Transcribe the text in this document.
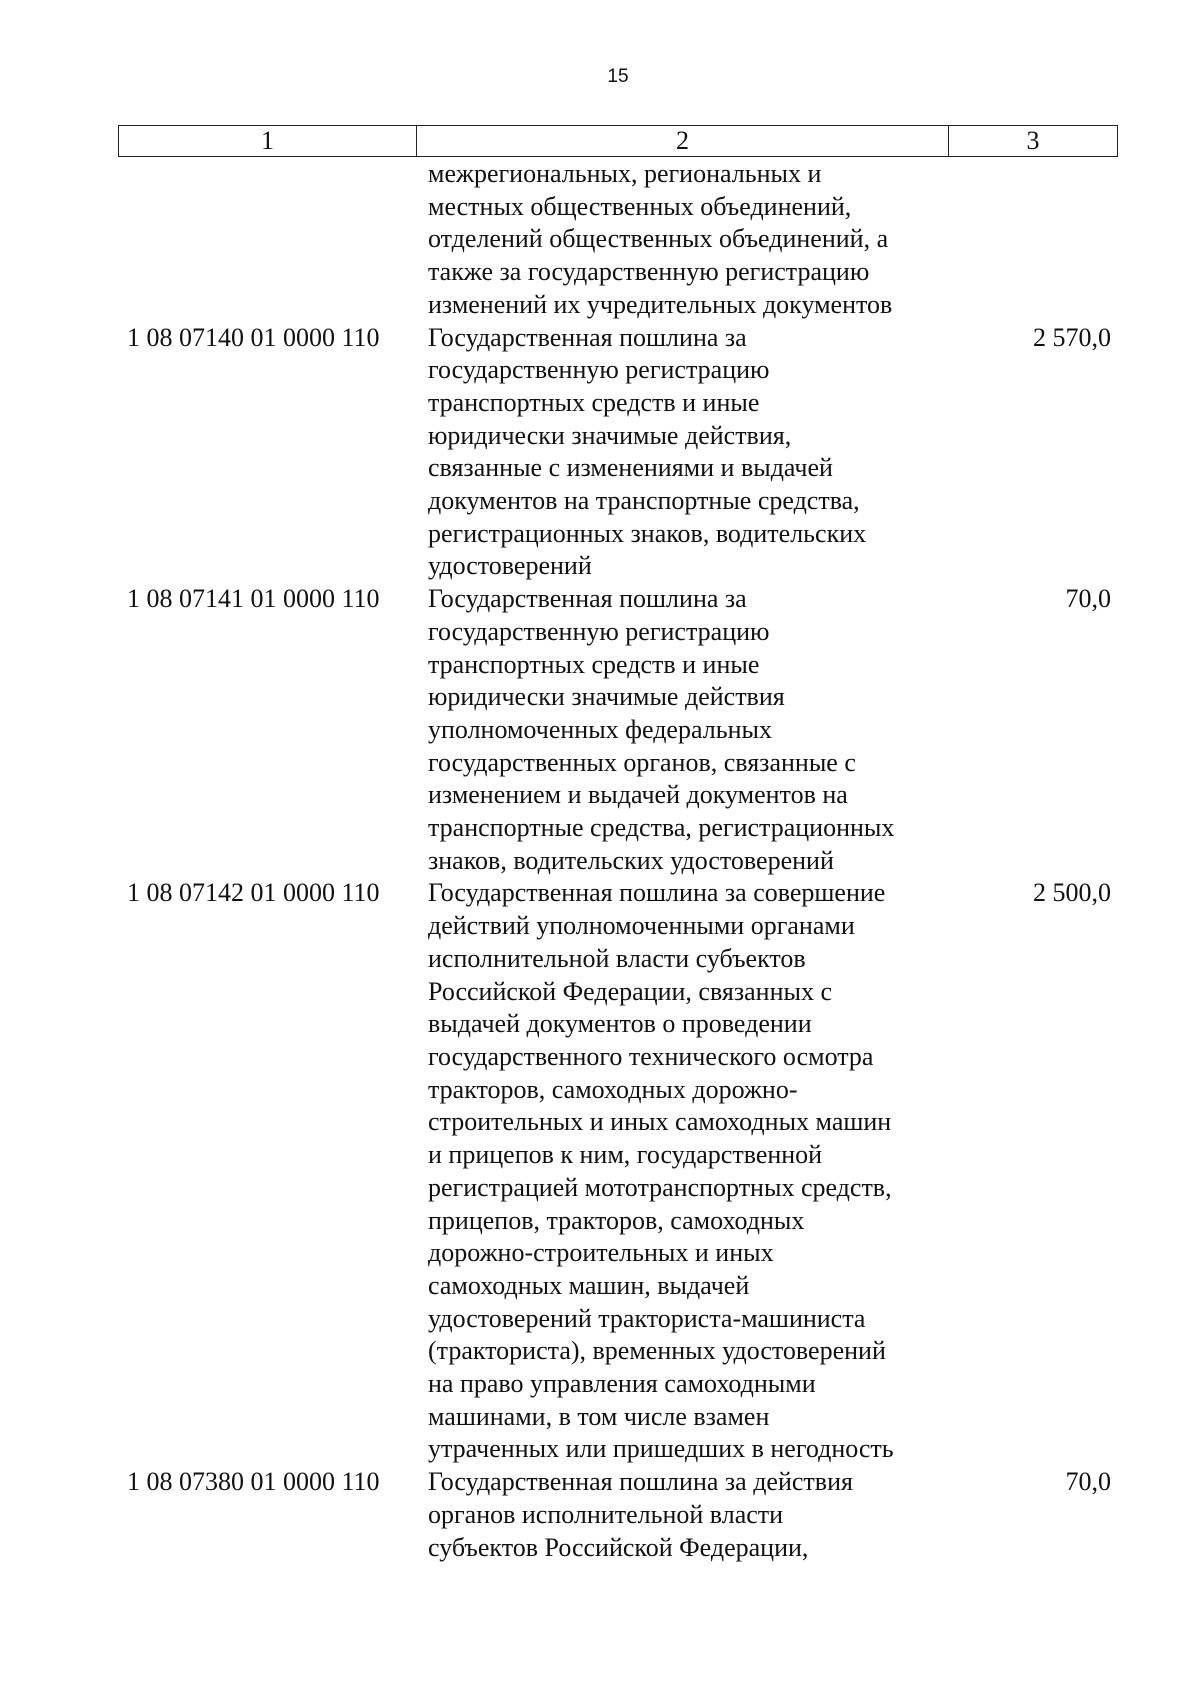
15
1	2	3
межрегиональных, региональных и
местных общественных объединений,
отделений общественных объединений, а
также за государственную регистрацию
изменений их учредительных документов
1 08 07140 01 0000 110 Государственная пошлина за
государственную регистрацию
транспортных средств и иные
юридически значимые действия,
связанные с изменениями и выдачей
документов на транспортные средства,
регистрационных знаков, водительских
удостоверений
2 570,0
1 08 07141 01 0000 110 Государственная пошлина за
государственную регистрацию
транспортных средств и иные
юридически значимые действия
уполномоченных федеральных
государственных органов, связанные с
изменением и выдачей документов на
транспортные средства, регистрационных
знаков, водительских удостоверений
70,0
1 08 07142 01 0000 110 Государственная пошлина за совершение
действий уполномоченными органами
исполнительной власти субъектов
Российской Федерации, связанных с
выдачей документов о проведении
государственного технического осмотра
тракторов, самоходных дорожно-
строительных и иных самоходных машин
и прицепов к ним, государственной
регистрацией мототранспортных средств,
прицепов, тракторов, самоходных
дорожно-строительных и иных
самоходных машин, выдачей
удостоверений тракториста-машиниста
(тракториста), временных удостоверений
на право управления самоходными
машинами, в том числе взамен
утраченных или пришедших в негодность
2 500,0
1 08 07380 01 0000 110 Государственная пошлина за действия
органов исполнительной власти
субъектов Российской Федерации,
70,0
